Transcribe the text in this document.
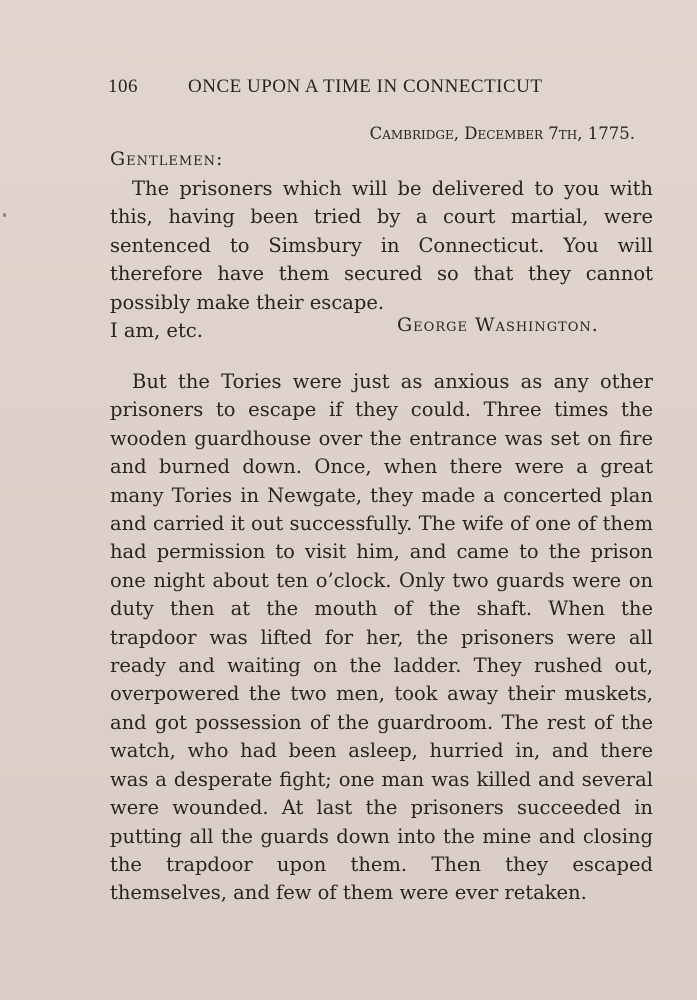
106	ONCE UPON A TIME IN CONNECTICUT
Cambridge, December 7th, 1775.
Gentlemen:

The prisoners which will be delivered to you with this, having been tried by a court martial, were sentenced to Simsbury in Connecticut. You will therefore have them secured so that they cannot possibly make their escape.
I am, etc.	George Washington.

But the Tories were just as anxious as any other prisoners to escape if they could. Three times the wooden guardhouse over the entrance was set on fire and burned down. Once, when there were a great many Tories in Newgate, they made a concerted plan and carried it out successfully. The wife of one of them had permission to visit him, and came to the prison one night about ten o’clock. Only two guards were on duty then at the mouth of the shaft. When the trapdoor was lifted for her, the prisoners were all ready and waiting on the ladder. They rushed out, overpowered the two men, took away their muskets, and got possession of the guardroom. The rest of the watch, who had been asleep, hurried in, and there was a desperate fight; one man was killed and several were wounded. At last the prisoners succeeded in putting all the guards down into the mine and closing the trapdoor upon them. Then they escaped themselves, and few of them were ever retaken.
